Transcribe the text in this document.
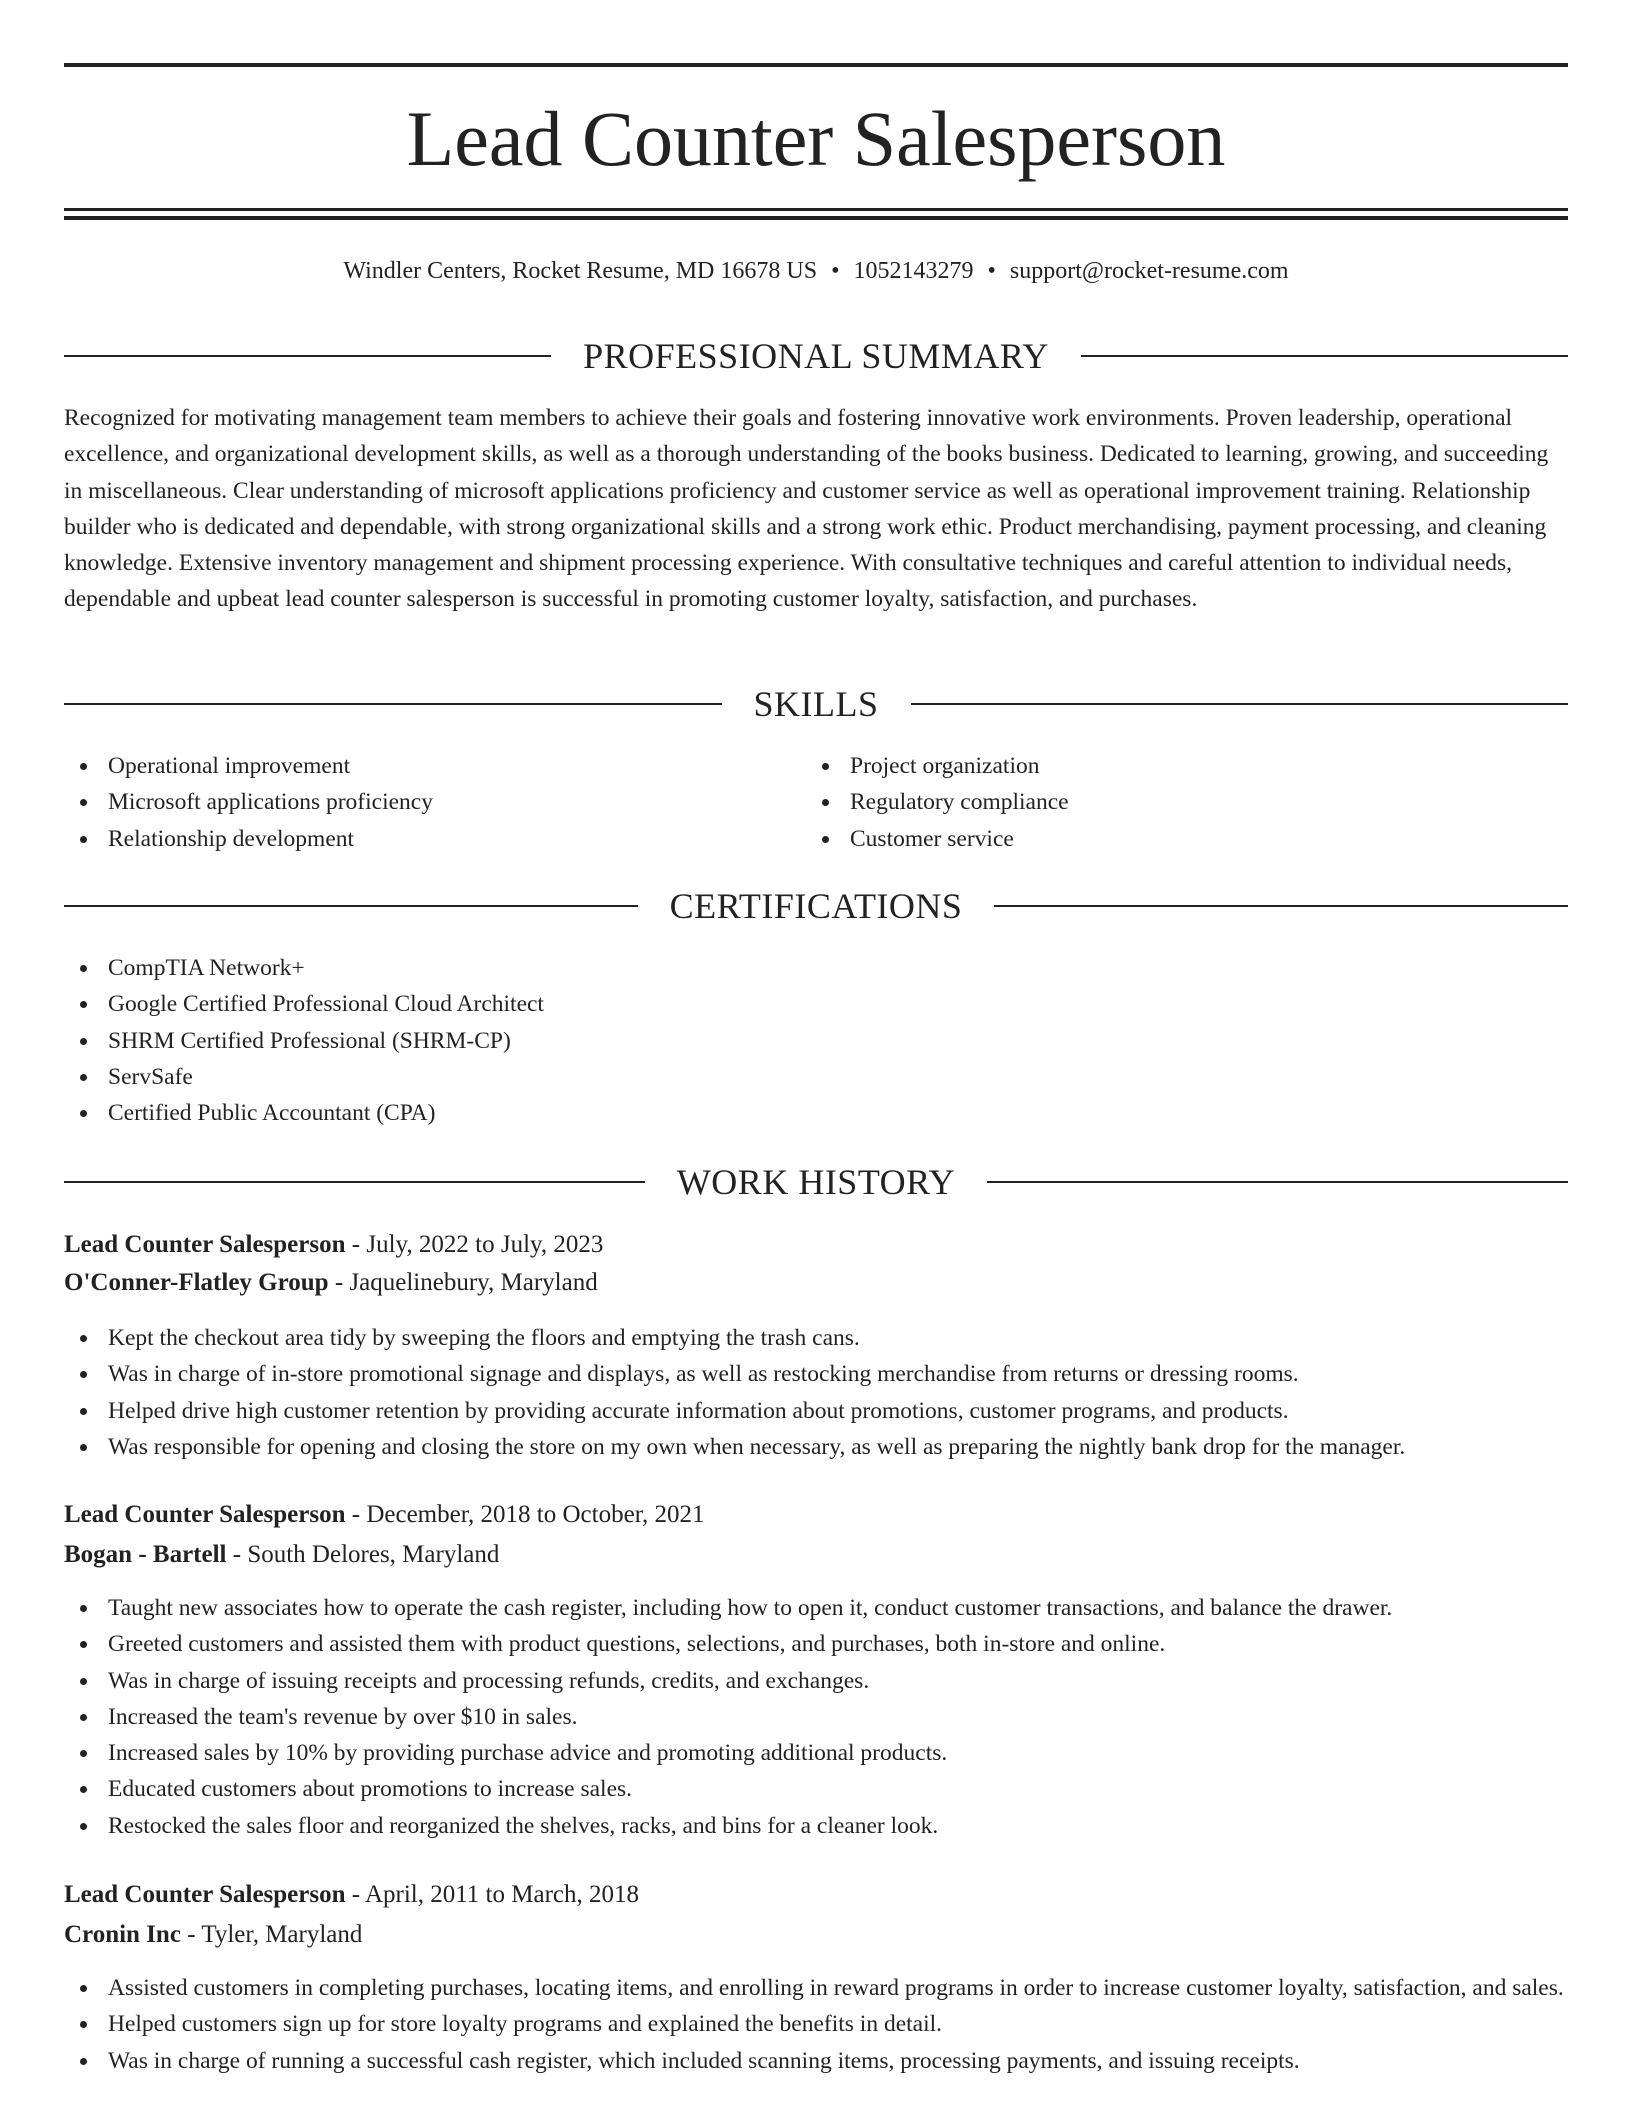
Lead Counter Salesperson
Windler Centers, Rocket Resume, MD 16678 US • 1052143279 • support@rocket-resume.com
PROFESSIONAL SUMMARY

Recognized for motivating management team members to achieve their goals and fostering innovative work environments. Proven leadership, operational excellence, and organizational development skills, as well as a thorough understanding of the books business. Dedicated to learning, growing, and succeeding in miscellaneous. Clear understanding of microsoft applications proficiency and customer service as well as operational improvement training. Relationship builder who is dedicated and dependable, with strong organizational skills and a strong work ethic. Product merchandising, payment processing, and cleaning knowledge. Extensive inventory management and shipment processing experience. With consultative techniques and careful attention to individual needs, dependable and upbeat lead counter salesperson is successful in promoting customer loyalty, satisfaction, and purchases.

SKILLS
Operational improvement
Microsoft applications proficiency
Relationship development
Project organization
Regulatory compliance
Customer service
CERTIFICATIONS
CompTIA Network+
Google Certified Professional Cloud Architect
SHRM Certified Professional (SHRM-CP)
ServSafe
Certified Public Accountant (CPA)
WORK HISTORY
Lead Counter Salesperson - July, 2022 to July, 2023
O'Conner-Flatley Group - Jaquelinebury, Maryland
Kept the checkout area tidy by sweeping the floors and emptying the trash cans.
Was in charge of in-store promotional signage and displays, as well as restocking merchandise from returns or dressing rooms.
Helped drive high customer retention by providing accurate information about promotions, customer programs, and products.
Was responsible for opening and closing the store on my own when necessary, as well as preparing the nightly bank drop for the manager.
Lead Counter Salesperson - December, 2018 to October, 2021
Bogan - Bartell - South Delores, Maryland
Taught new associates how to operate the cash register, including how to open it, conduct customer transactions, and balance the drawer.
Greeted customers and assisted them with product questions, selections, and purchases, both in-store and online.
Was in charge of issuing receipts and processing refunds, credits, and exchanges.
Increased the team's revenue by over $10 in sales.
Increased sales by 10% by providing purchase advice and promoting additional products.
Educated customers about promotions to increase sales.
Restocked the sales floor and reorganized the shelves, racks, and bins for a cleaner look.
Lead Counter Salesperson - April, 2011 to March, 2018
Cronin Inc - Tyler, Maryland
Assisted customers in completing purchases, locating items, and enrolling in reward programs in order to increase customer loyalty, satisfaction, and sales.
Helped customers sign up for store loyalty programs and explained the benefits in detail.
Was in charge of running a successful cash register, which included scanning items, processing payments, and issuing receipts.
